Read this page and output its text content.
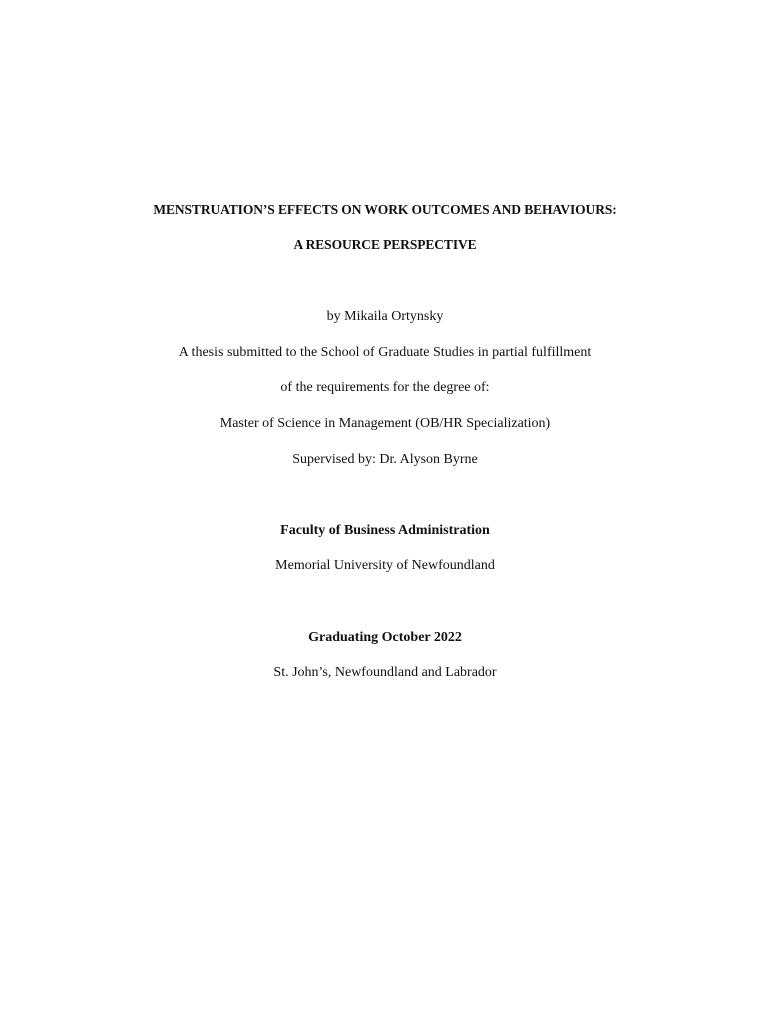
MENSTRUATION’S EFFECTS ON WORK OUTCOMES AND BEHAVIOURS:
A RESOURCE PERSPECTIVE
by Mikaila Ortynsky
A thesis submitted to the School of Graduate Studies in partial fulfillment
of the requirements for the degree of:
Master of Science in Management (OB/HR Specialization)
Supervised by: Dr. Alyson Byrne
Faculty of Business Administration
Memorial University of Newfoundland
Graduating October 2022
St. John’s, Newfoundland and Labrador
